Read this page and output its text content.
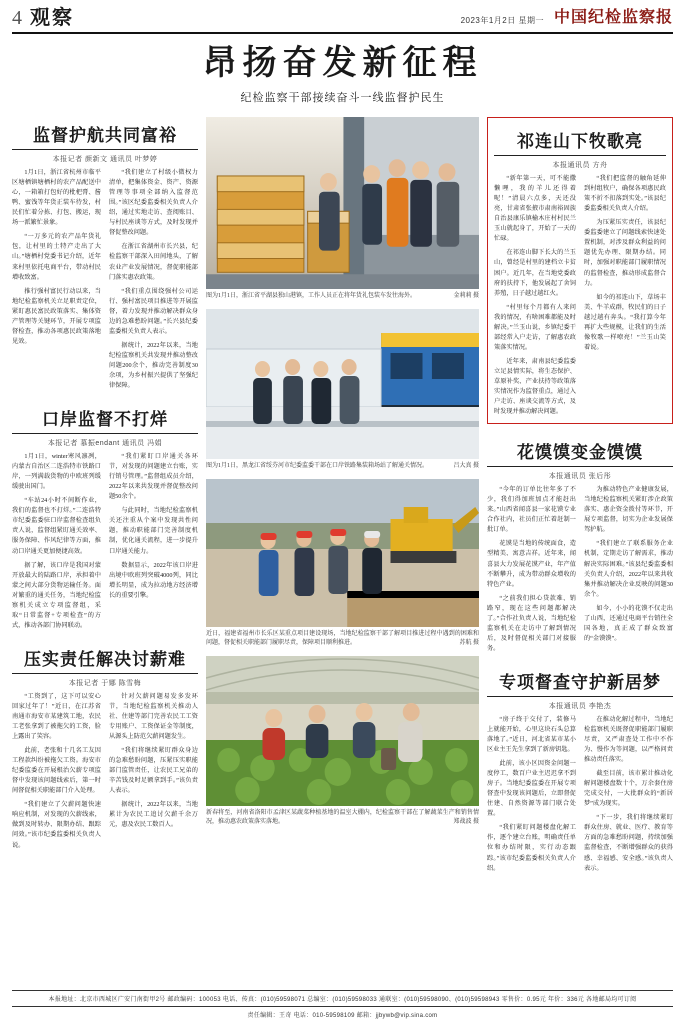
4 观察	2023年1月2日 星期一 中国纪检监察报
昂扬奋发新征程
纪检监察干部接续奋斗一线监督护民生
监督护航共同富裕
本报记者 颜新文 通讯员 叶梦婷

1月1日，浙江省杭州市临平区塘栖镇塘栖村的农产品配送中心，一箱箱打包好的枇杷膏、酱鸭、蜜饯等年货正装车待发，村民们忙着分拣、打包、搬运，现场一派繁忙景象。

“一万多元的农产品年货礼包，让村里的土特产走出了大山。”塘栖村党委书记介绍，近年来村里依托电商平台，带动村民增收致富。

推行强村富民行动以来，当地纪检监察机关立足职责定位，紧盯惠民富民政策落实、集体资产管理等关键环节，开展专项监督检查，推动各项惠民政策落地见效。

“我们建立了村级小微权力清单，把集体资金、资产、资源管理等事项全部纳入监督范围。”该区纪委监委相关负责人介绍，通过实地走访、查阅账目、与村民座谈等方式，及时发现并督促整改问题。

在浙江省湖州市长兴县，纪检监察干部深入田间地头，了解农业产业发展情况，督促职能部门落实惠农政策。

“我们重点围绕强村公司运行、强村富民项目推进等开展监督，着力发现并推动解决群众身边的急难愁盼问题。”长兴县纪委监委相关负责人表示。

据统计，2022年以来，当地纪检监察机关共发现并推动整改问题200余个，推动完善制度30余项，为乡村振兴提供了坚强纪律保障。

口岸监督不打烊
本报记者 慕振endant 通讯员 冯娟

1月1日，winter寒风凛冽，内蒙古自治区二连浩特市铁路口岸，一列满载货物的中欧班列缓缓驶出国门。

“车站24小时不间断作业，我们的监督也不打烊。”二连浩特市纪委监委驻口岸监督检查组负责人说，监督组紧盯通关效率、服务保障、作风纪律等方面，推动口岸通关更加便捷高效。

据了解，该口岸是我国对蒙开放最大的陆路口岸，承担着中蒙之间大部分货物运输任务。面对繁重的通关任务，当地纪检监察机关成立专项监督组，采取“日常监督+专项检查”的方式，推动各部门协同联动。

“我们紧盯口岸通关各环节，对发现的问题建立台账，实行销号管理。”监督组成员介绍，2022年以来共发现并督促整改问题50余个。

与此同时，当地纪检监察机关还注重从个案中发现共性问题，推动职能部门完善制度机制，优化通关流程，进一步提升口岸通关能力。

数据显示，2022年该口岸进出境中欧班列突破4000列，同比增长明显，成为拉动地方经济增长的重要引擎。

压实责任解决讨薪难
本报记者 于娜 陈雪梅

“工资到了，这下可以安心回家过年了！”近日，在江苏省南通市海安市某建筑工地，农民工老张拿到了被拖欠的工资，脸上露出了笑容。

此前，老张和十几名工友因工程款纠纷被拖欠工资。海安市纪委监委在开展根治欠薪专项监督中发现该问题线索后，第一时间督促相关职能部门介入处理。

“我们建立了欠薪问题快速响应机制，对发现的欠薪线索，做到及时转办、限期办结、跟踪问效。”该市纪委监委相关负责人说。

针对欠薪问题易发多发环节，当地纪检监察机关推动人社、住建等部门完善农民工工资专用账户、工资保证金等制度，从源头上防范欠薪问题发生。

“我们将继续紧盯群众身边的急难愁盼问题，压紧压实职能部门监管责任，让农民工兄弟的辛苦钱及时足额拿到手。”该负责人表示。

据统计，2022年以来，当地累计为农民工追讨欠薪千余万元，惠及农民工数百人。

图为1月1日，浙江省平湖县独山港镇，工作人员正在将年货礼包装车发往海外。	金莉莉 摄

图为1月1日，黑龙江省绥芬河市纪委监委干部在口岸铁路集装箱场站了解通关情况。	吕大真 摄

近日，福建省福州市长乐区某重点项目建设现场，当地纪检监察干部了解项目推进过程中遇到的困难和问题，督促相关职能部门履职尽责，保障项目顺利推进。	苏航 摄

新春将至，河南省洛阳市孟津区某蔬菜种植基地的温室大棚内，纪检监察干部在了解蔬菜生产和销售情况，推动惠农政策落实落地。	郑战波 摄

祁连山下牧歌亮
本报通讯员 方舟

“新年第一天，可不能撒懒哩，我的羊儿还得着呢！”清晨六点多，天还没亮，甘肃省张掖市肃南裕固族自治县康乐镇榆木庄村村民兰玉山就起身了，开始了一天的忙碌。

在祁连山脚下长大的兰玉山，曾经是村里的建档立卡贫困户。近几年，在当地党委政府的扶持下，他发展起了舍饲养殖，日子越过越红火。

“村里每个月都有人来问我的情况，有啥困难都能及时解决。”兰玉山说，乡镇纪委干部经常入户走访，了解惠农政策落实情况。

近年来，肃南县纪委监委立足县情实际，将生态保护、草原补奖、产业扶持等政策落实情况作为监督重点，通过入户走访、座谈交流等方式，及时发现并推动解决问题。

“我们把监督的触角延伸到村组牧户，确保各项惠民政策不折不扣落到实处。”该县纪委监委相关负责人介绍。

为压紧压实责任，该县纪委监委建立了问题线索快速处置机制，对涉及群众利益的问题优先办理、限期办结。同时，加强对职能部门履职情况的监督检查，推动形成监督合力。

如今的祁连山下，草场丰美、牛羊成群，牧民们的日子越过越有奔头。“我打算今年再扩大些规模，让我们的生活像牧歌一样嘹亮！”兰玉山笑着说。

花馍馍变金馍馍
本报通讯员 张后彤

“今年的订单比往年多了不少，我们得加班加点才能赶出来。”山西省闻喜县一家花馍专业合作社内，社员们正忙着赶制一批订单。

花馍是当地的传统面食，造型精美、寓意吉祥。近年来，闻喜县大力发展花馍产业，年产值不断攀升，成为带动群众增收的特色产业。

“之前我们担心贷款难、销路窄，现在这些问题都解决了。”合作社负责人说，当地纪检监察机关在走访中了解到情况后，及时督促相关部门对接服务。

为推动特色产业健康发展，当地纪检监察机关紧盯涉企政策落实、惠企资金拨付等环节，开展专项监督，切实为企业发展保驾护航。

“我们建立了联系服务企业机制，定期走访了解需求，推动解决实际困难。”该县纪委监委相关负责人介绍，2022年以来共收集并推动解决企业反映的问题30余个。

如今，小小的花馍不仅走出了山西，还通过电商平台销往全国各地，真正成了群众致富的“金馍馍”。

专项督查守护新居梦
本报通讯员 李艳杰

“房子终于交付了，装修马上就能开始，心里这块石头总算落地了。”近日，河北省某市某小区业主王先生拿到了新房钥匙。

此前，该小区因资金问题一度停工，数百户业主迟迟拿不到房子。当地纪委监委在开展专项督查中发现该问题后，立即督促住建、自然资源等部门联合处置。

“我们紧盯问题楼盘化解工作，逐个建立台账，明确责任单位和办结时限，实行动态跟踪。”该市纪委监委相关负责人介绍。

在推动化解过程中，当地纪检监察机关既督促职能部门履职尽责，又严肃查处工作中不作为、慢作为等问题，以严格问责推动责任落实。

截至目前，该市累计推动化解问题楼盘数十个，万余套住房完成交付，一大批群众的“新居梦”成为现实。

“下一步，我们将继续紧盯群众住房、就业、医疗、教育等方面的急难愁盼问题，持续加强监督检查，不断增强群众的获得感、幸福感、安全感。”该负责人表示。

本报地址：北京市西城区广安门南街甲2号 邮政编码：100053 电话、传真：(010)59598071 总编室：(010)59598033 通联室：(010)59598090、(010)59598943 零售价：0.95元 年价：336元 各地邮局均可订阅
责任编辑：王奇 电话：010-59598109 邮箱：jjbywb@vip.sina.com
